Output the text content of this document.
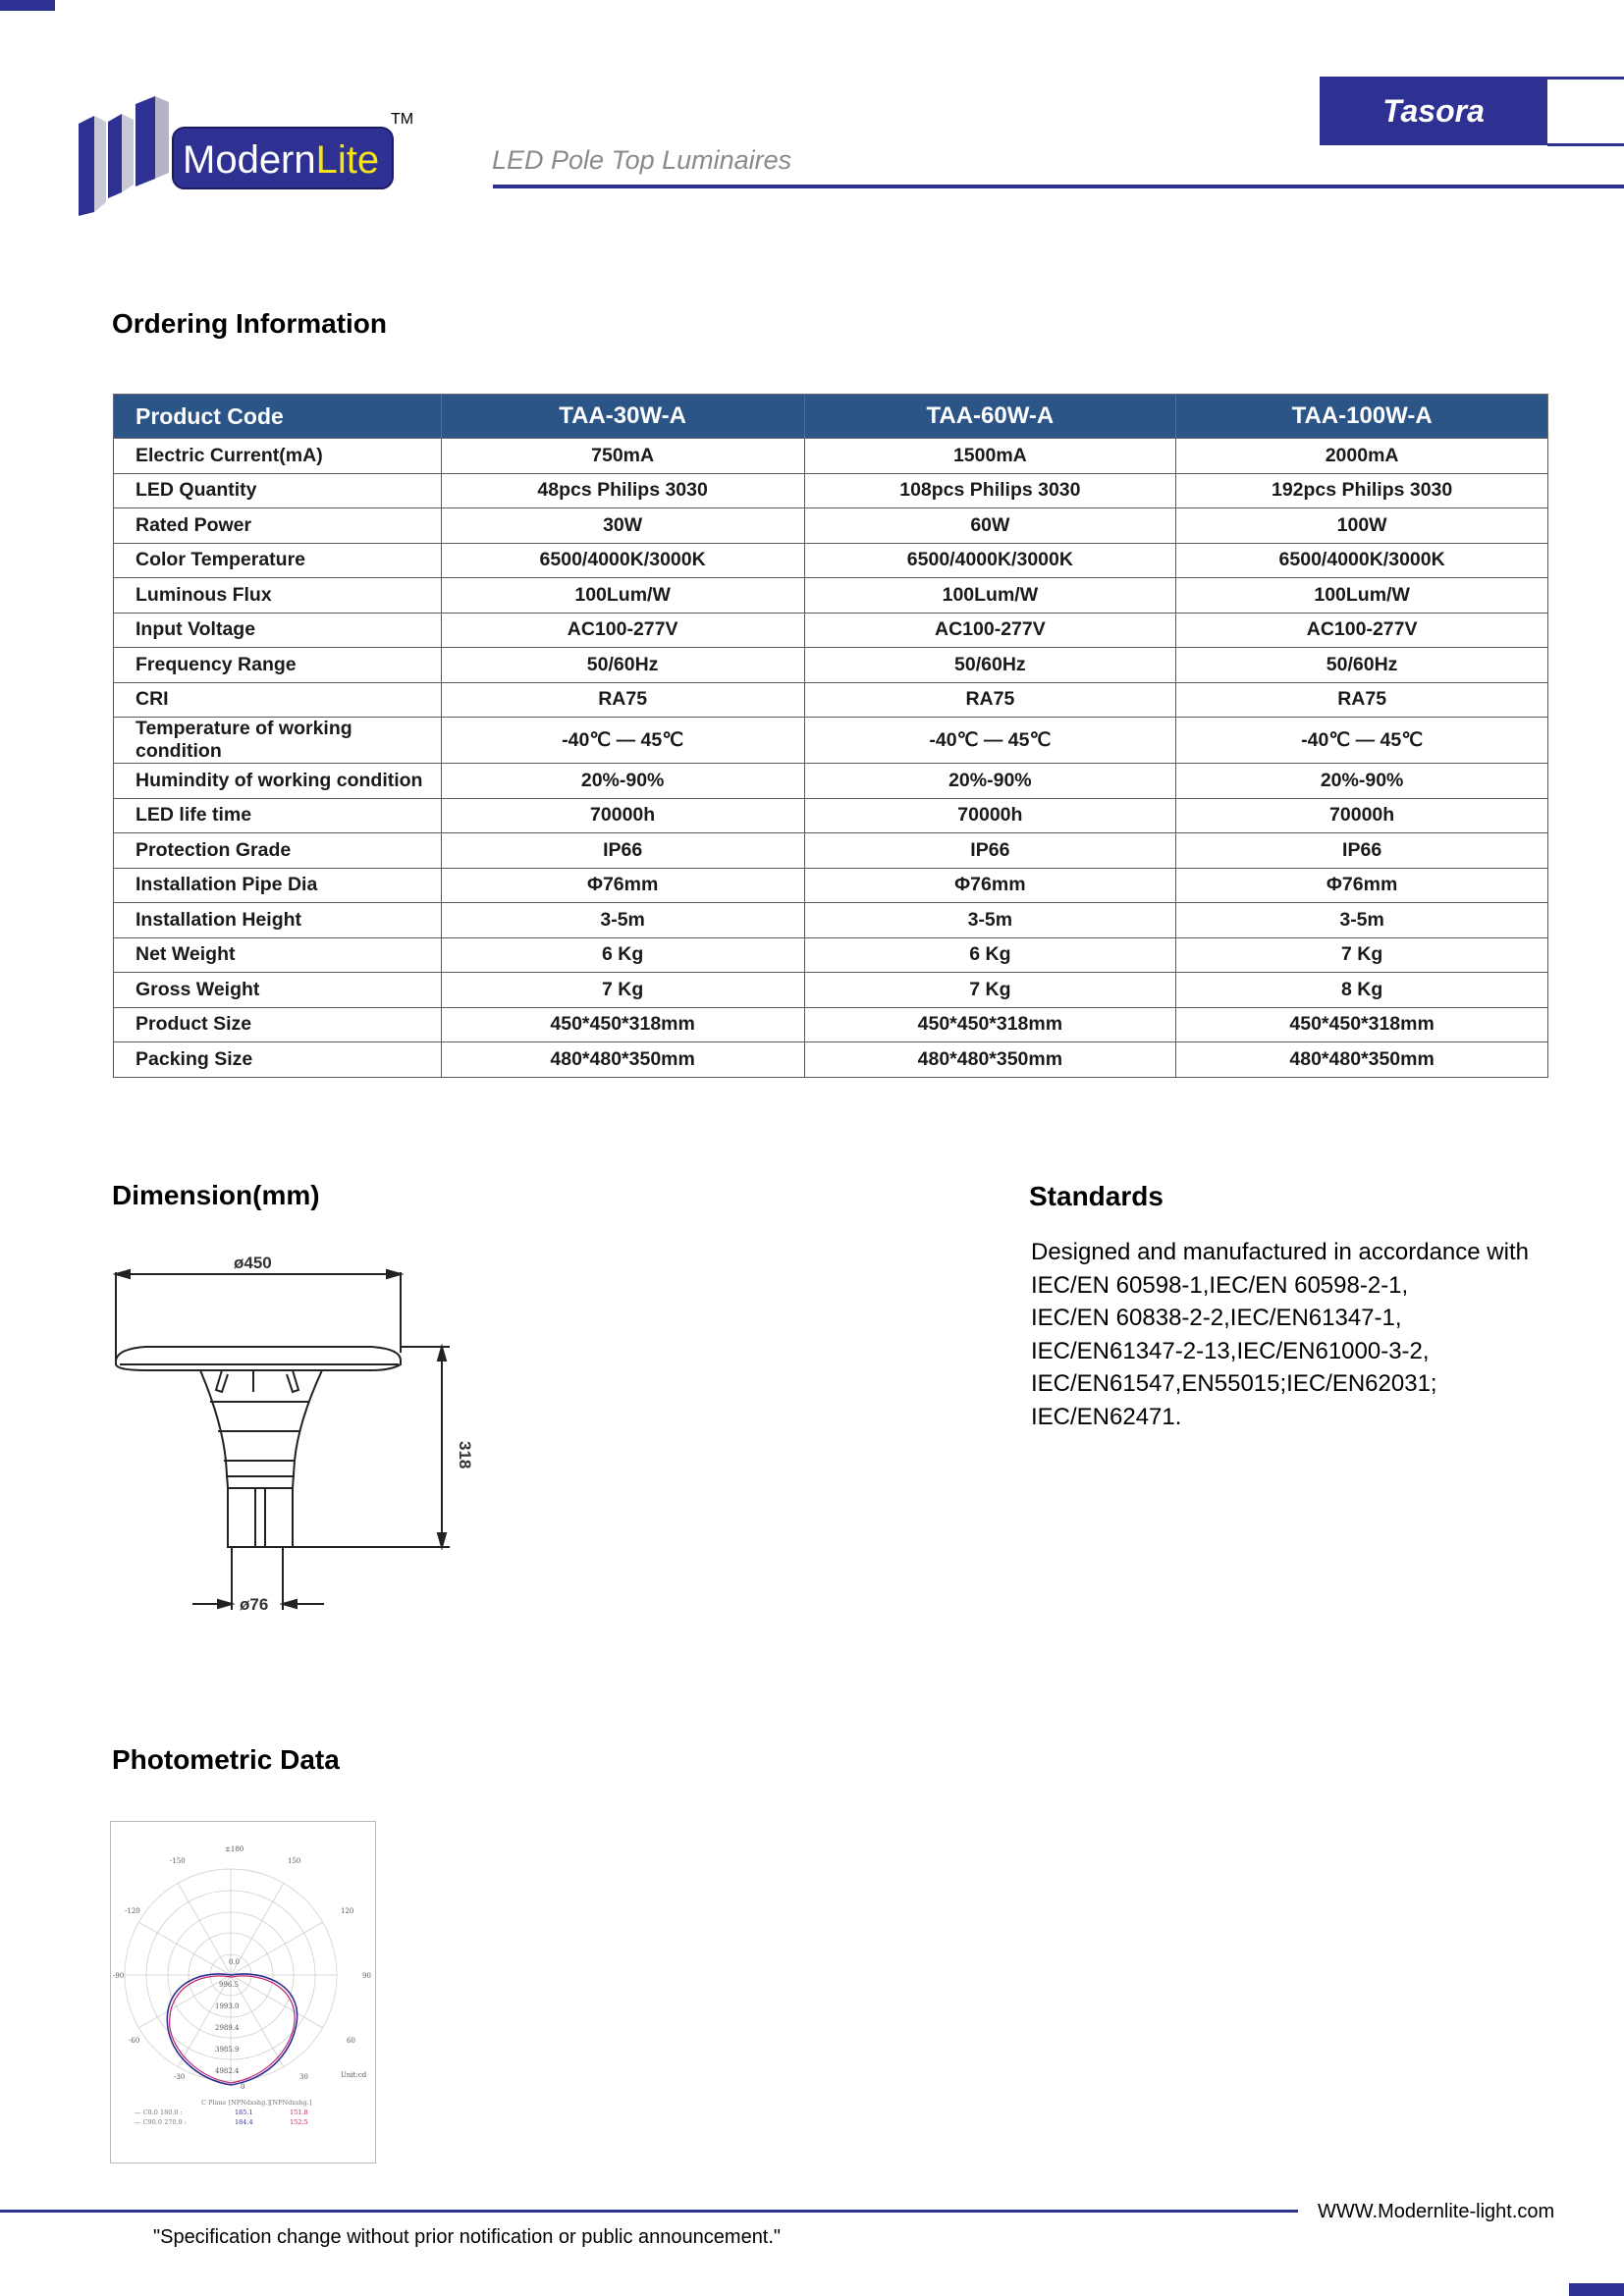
ModernLite
TM
LED Pole Top Luminaires
Tasora
Ordering Information
Product Code	TAA-30W-A	TAA-60W-A	TAA-100W-A
Electric Current(mA)	750mA	1500mA	2000mA
LED Quantity	48pcs Philips 3030	108pcs Philips 3030	192pcs Philips 3030
Rated Power	30W	60W	100W
Color Temperature	6500/4000K/3000K	6500/4000K/3000K	6500/4000K/3000K
Luminous Flux	100Lum/W	100Lum/W	100Lum/W
Input Voltage	AC100-277V	AC100-277V	AC100-277V
Frequency Range	50/60Hz	50/60Hz	50/60Hz
CRI	RA75	RA75	RA75
Temperature of working condition	-40℃ — 45℃	-40℃ — 45℃	-40℃ — 45℃
Humindity of working condition	20%-90%	20%-90%	20%-90%
LED life time	70000h	70000h	70000h
Protection Grade	IP66	IP66	IP66
Installation Pipe Dia	Φ76mm	Φ76mm	Φ76mm
Installation Height	3-5m	3-5m	3-5m
Net Weight	6 Kg	6 Kg	7 Kg
Gross Weight	7 Kg	7 Kg	8 Kg
Product Size	450*450*318mm	450*450*318mm	450*450*318mm
Packing Size	480*480*350mm	480*480*350mm	480*480*350mm
Dimension(mm)
ø450
318
ø76
Standards
Designed and manufactured in accordance with
IEC/EN 60598-1,IEC/EN 60598-2-1,
IEC/EN 60838-2-2,IEC/EN61347-1,
IEC/EN61347-2-13,IEC/EN61000-3-2,
IEC/EN61547,EN55015;IEC/EN62031;
IEC/EN62471.
Photometric Data
±180
-150	150
-120	120
-90	90
-60	60
-30	30
0
0.0
996.5
1993.0
2989.4
3985.9
4982.4	Unit:cd
C Plane [NPNdxshg.][NPNdxshg.]
— C0.0 180.0 :	185.1	151.8
— C90.0 270.0 :	184.4	152.5
WWW.Modernlite-light.com
"Specification change without prior notification or public announcement."
